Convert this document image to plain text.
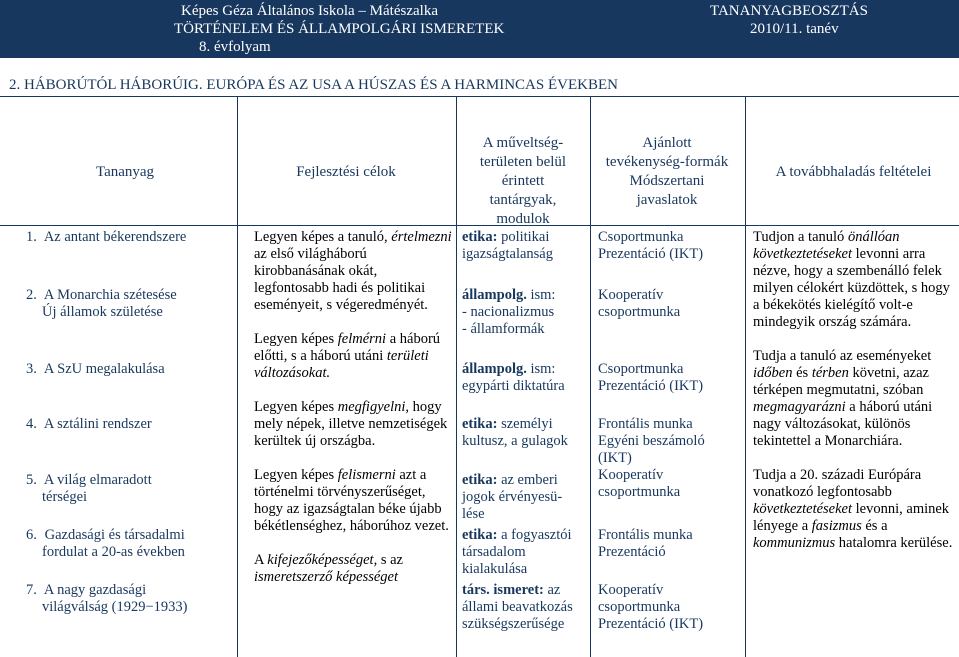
Képes Géza Általános Iskola – Mátészalka
TÖRTÉNELEM ÉS ÁLLAMPOLGÁRI ISMERETEK
8. évfolyam
TANANYAGBEOSZTÁS
2010/11. tanév
2. HÁBORÚTÓL HÁBORÚIG. EURÓPA ÉS AZ USA A HÚSZAS ÉS A HARMINCAS ÉVEKBEN
Tananyag	Fejlesztési célok
A műveltség-
területen belül
érintett
tantárgyak,
modulok
Ajánlott
tevékenység-formák
Módszertani
javaslatok
A továbbhaladás feltételei
1. Az antant békerendszere
2. A Monarchia szétesése
Új államok születése
3. A SzU megalakulása
4. A sztálini rendszer
5. A világ elmaradott
térségei
6. Gazdasági és társadalmi
fordulat a 20-as években
7. A nagy gazdasági
világválság (1929−1933)

Legyen képes a tanuló, értelmezni az első világháború kirobbanásának okát, legfontosabb hadi és politikai eseményeit, s végeredményét.

Legyen képes felmérni a háború előtti, s a háború utáni területi változásokat.

Legyen képes megfigyelni, hogy mely népek, illetve nemzetiségek kerültek új országba.

Legyen képes felismerni azt a történelmi törvényszerűséget, hogy az igazságtalan béke újabb békétlenséghez, háborúhoz vezet.

A kifejezőképességet, s az ismeretszerző képességet

etika: politikai
igazságtalanság
állampolg. ism:
- nacionalizmus
- államformák
állampolg. ism:
egypárti diktatúra
etika: személyi
kultusz, a gulagok
etika: az emberi
jogok érvényesü-
lése
etika: a fogyasztói
társadalom
kialakulása
társ. ismeret: az
állami beavatkozás
szükségszerűsége
Csoportmunka
Prezentáció (IKT)
Kooperatív
csoportmunka
Csoportmunka
Prezentáció (IKT)
Frontális munka
Egyéni beszámoló
(IKT)
Kooperatív
csoportmunka
Frontális munka
Prezentáció
Kooperatív
csoportmunka
Prezentáció (IKT)

Tudjon a tanuló önállóan következtetéseket levonni arra nézve, hogy a szembenálló felek milyen célokért küzdöttek, s hogy a békekötés kielégítő volt-e mindegyik ország számára.

Tudja a tanuló az eseményeket időben és térben követni, azaz térképen megmutatni, szóban megmagyarázni a háború utáni nagy változásokat, különös tekintettel a Monarchiára.

Tudja a 20. századi Európára vonatkozó legfontosabb következtetéseket levonni, aminek lényege a fasizmus és a kommunizmus hatalomra kerülése.
